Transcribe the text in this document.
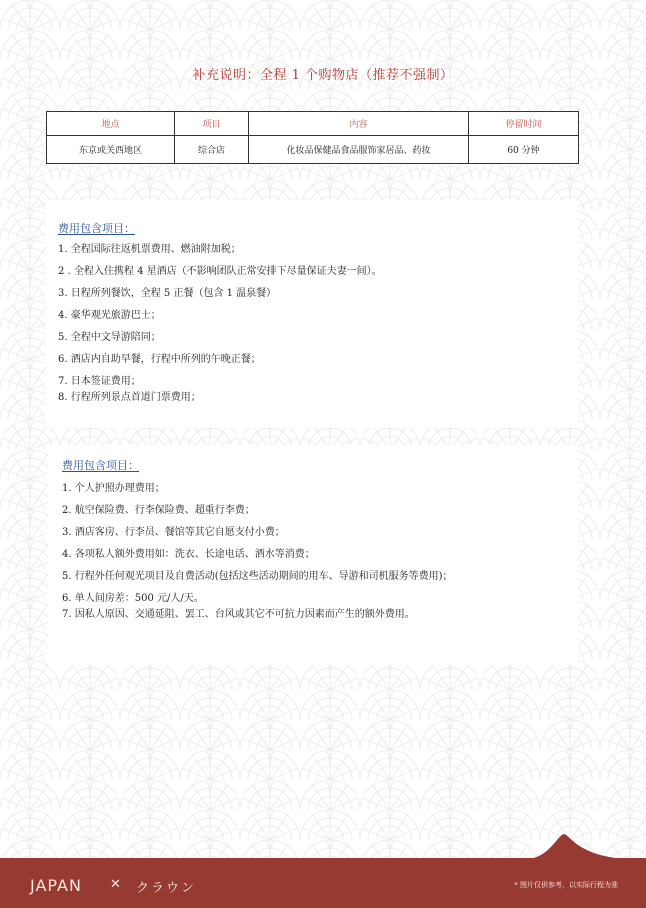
补充说明：全程 1 个购物店（推荐不强制）
地点	项目	内容	停留时间
东京或关西地区	综合店	化妆品保健品食品服饰家居品、药妆	60 分钟
费用包含项目：
1. 全程国际往返机票费用、燃油附加税；
2 . 全程入住携程 4 星酒店（不影响团队正常安排下尽量保证夫妻一间）。
3. 日程所列餐饮，全程 5 正餐（包含 1 温泉餐）
4. 豪华观光旅游巴士；
5. 全程中文导游陪同；
6. 酒店内自助早餐，行程中所列的午晚正餐；
7. 日本签证费用；
8. 行程所列景点首道门票费用；
费用包含项目：
1. 个人护照办理费用；
2. 航空保险费、行李保险费、超重行李费；
3. 酒店客房、行李员、餐馆等其它自愿支付小费；
4. 各项私人额外费用如：洗衣、长途电话、酒水等消费；
5. 行程外任何观光项目及自费活动(包括这些活动期间的用车、导游和司机服务等费用)；
6. 单人间房差：500 元/人/天。
7. 因私人原因、交通延阻、罢工、台风或其它不可抗力因素而产生的额外费用。
JAPAN ✕ クラウン	* 图片仅供参考，以实际行程为准
